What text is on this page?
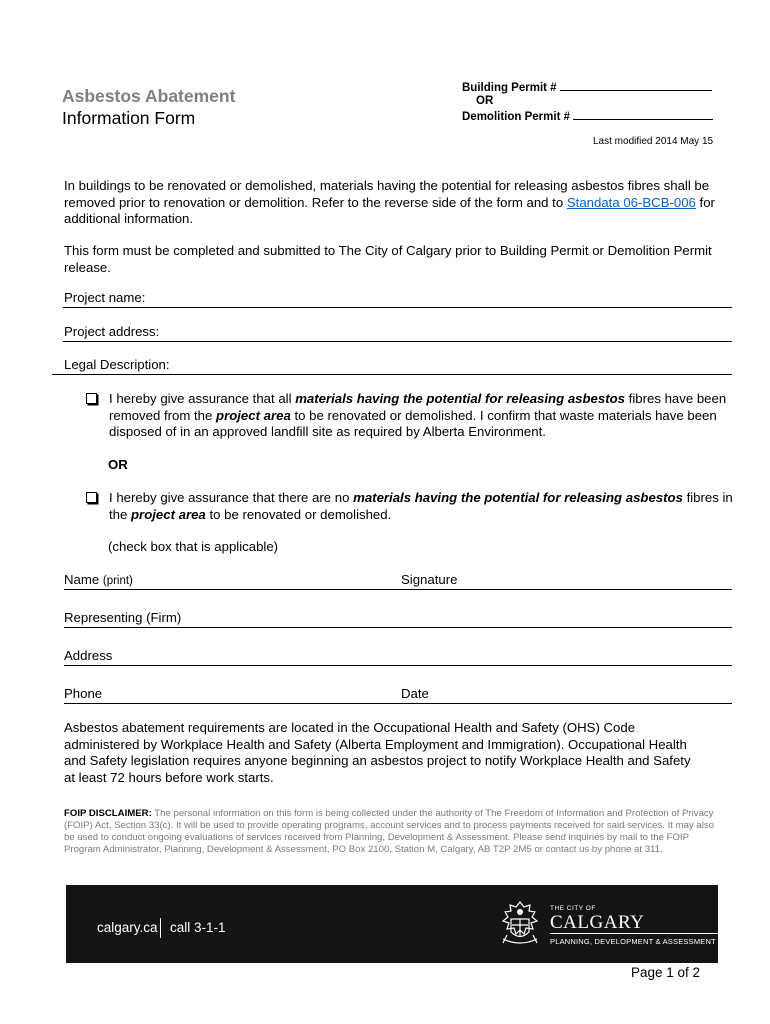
Asbestos Abatement
Information Form
Building Permit #
OR
Demolition Permit #
Last modified 2014 May 15
In buildings to be renovated or demolished, materials having the potential for releasing asbestos fibres shall be removed prior to renovation or demolition. Refer to the reverse side of the form and to Standata 06-BCB-006 for additional information.
This form must be completed and submitted to The City of Calgary prior to Building Permit or Demolition Permit release.
Project name:
Project address:
Legal Description:
I hereby give assurance that all materials having the potential for releasing asbestos fibres have been removed from the project area to be renovated or demolished. I confirm that waste materials have been disposed of in an approved landfill site as required by Alberta Environment.
OR
I hereby give assurance that there are no materials having the potential for releasing asbestos fibres in the project area to be renovated or demolished.
(check box that is applicable)
Name (print)	Signature
Representing (Firm)
Address
Phone	Date
Asbestos abatement requirements are located in the Occupational Health and Safety (OHS) Code administered by Workplace Health and Safety (Alberta Employment and Immigration). Occupational Health and Safety legislation requires anyone beginning an asbestos project to notify Workplace Health and Safety at least 72 hours before work starts.
FOIP DISCLAIMER: The personal information on this form is being collected under the authority of The Freedom of Information and Protection of Privacy (FOIP) Act, Section 33(c). It will be used to provide operating programs, account services and to process payments received for said services. It may also be used to conduct ongoing evaluations of services received from Planning, Development & Assessment. Please send inquiries by mail to the FOIP Program Administrator, Planning, Development & Assessment, PO Box 2100, Station M, Calgary, AB T2P 2M5 or contact us by phone at 311.
calgary.ca call 3-1-1
THE CITY OF
CALGARY
PLANNING, DEVELOPMENT & ASSESSMENT
Page 1 of 2
